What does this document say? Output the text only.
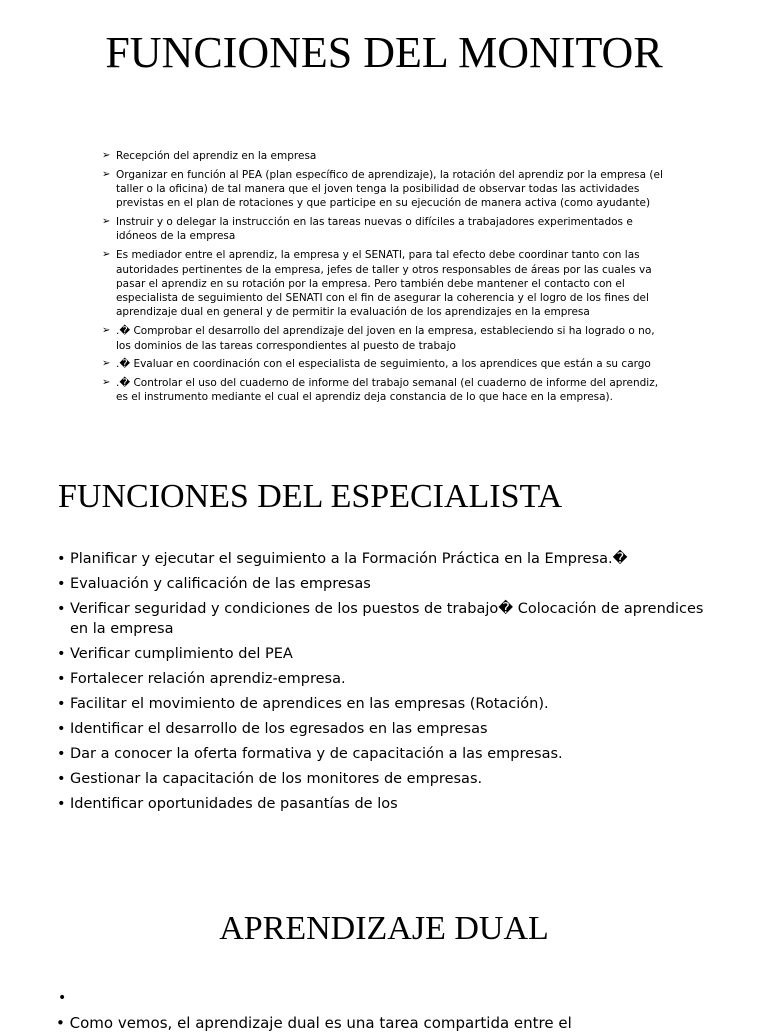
FUNCIONES DEL MONITOR
➢ Recepción del aprendiz en la empresa
➢ Organizar en función al PEA (plan específico de aprendizaje), la rotación del aprendiz por la empresa (el taller o la oficina) de tal manera que el joven tenga la posibilidad de observar todas las actividades previstas en el plan de rotaciones y que participe en su ejecución de manera activa (como ayudante)
➢ Instruir y o delegar la instrucción en las tareas nuevas o difíciles a trabajadores experimentados e idóneos de la empresa
➢ Es mediador entre el aprendiz, la empresa y el SENATI, para tal efecto debe coordinar tanto con las autoridades pertinentes de la empresa, jefes de taller y otros responsables de áreas por las cuales va pasar el aprendiz en su rotación por la empresa. Pero también debe mantener el contacto con el especialista de seguimiento del SENATI con el fin de asegurar la coherencia y el logro de los fines del aprendizaje dual en general y de permitir la evaluación de los aprendizajes en la empresa
➢ .� Comprobar el desarrollo del aprendizaje del joven en la empresa, estableciendo si ha logrado o no, los dominios de las tareas correspondientes al puesto de trabajo
➢ .� Evaluar en coordinación con el especialista de seguimiento, a los aprendices que están a su cargo
➢ .� Controlar el uso del cuaderno de informe del trabajo semanal (el cuaderno de informe del aprendiz, es el instrumento mediante el cual el aprendiz deja constancia de lo que hace en la empresa).
FUNCIONES DEL ESPECIALISTA
• Planificar y ejecutar el seguimiento a la Formación Práctica en la Empresa.�
• Evaluación y calificación de las empresas
• Verificar seguridad y condiciones de los puestos de trabajo� Colocación de aprendices en la empresa
• Verificar cumplimiento del PEA
• Fortalecer relación aprendiz-empresa.
• Facilitar el movimiento de aprendices en las empresas (Rotación).
• Identificar el desarrollo de los egresados en las empresas
• Dar a conocer la oferta formativa y de capacitación a las empresas.
• Gestionar la capacitación de los monitores de empresas.
• Identificar oportunidades de pasantías de los
APRENDIZAJE DUAL
•
• Como vemos, el aprendizaje dual es una tarea compartida entre el
